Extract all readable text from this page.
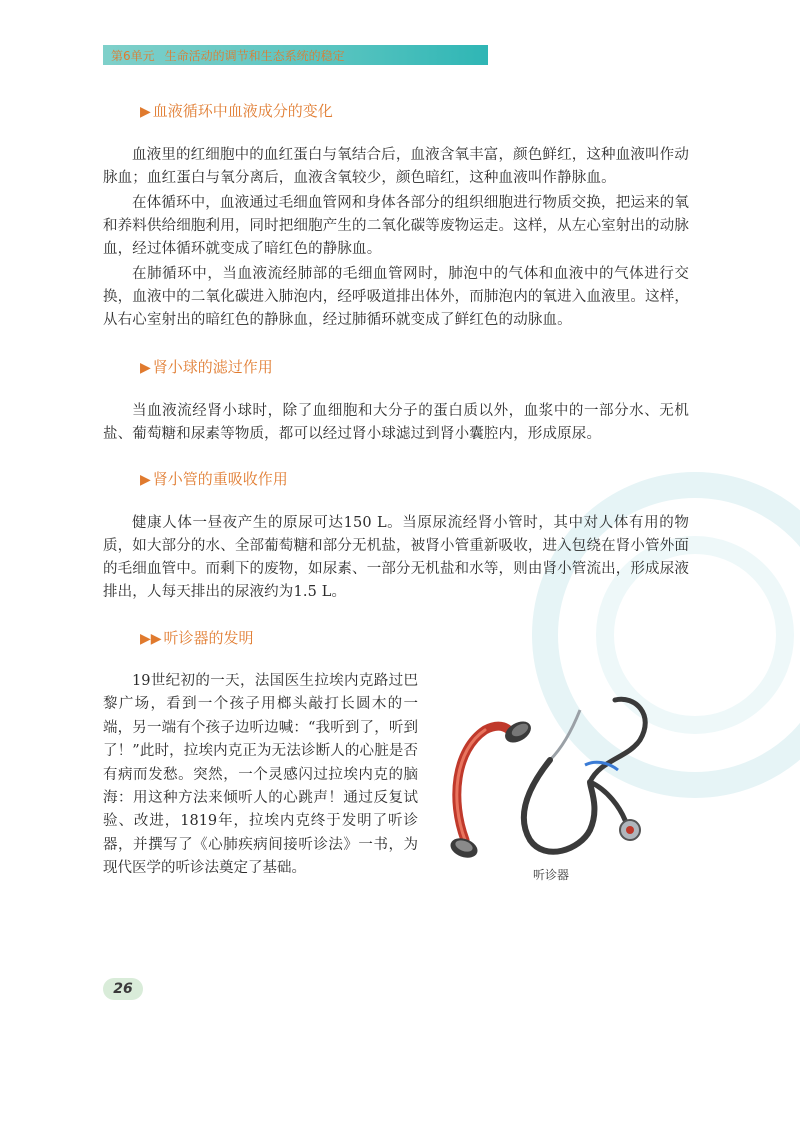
第6单元 生命活动的调节和生态系统的稳定
▶ 血液循环中血液成分的变化

血液里的红细胞中的血红蛋白与氧结合后，血液含氧丰富，颜色鲜红，这种血液叫作动脉血；血红蛋白与氧分离后，血液含氧较少，颜色暗红，这种血液叫作静脉血。

在体循环中，血液通过毛细血管网和身体各部分的组织细胞进行物质交换，把运来的氧和养料供给细胞利用，同时把细胞产生的二氧化碳等废物运走。这样，从左心室射出的动脉血，经过体循环就变成了暗红色的静脉血。

在肺循环中，当血液流经肺部的毛细血管网时，肺泡中的气体和血液中的气体进行交换，血液中的二氧化碳进入肺泡内，经呼吸道排出体外，而肺泡内的氧进入血液里。这样，从右心室射出的暗红色的静脉血，经过肺循环就变成了鲜红色的动脉血。

▶ 肾小球的滤过作用

当血液流经肾小球时，除了血细胞和大分子的蛋白质以外，血浆中的一部分水、无机盐、葡萄糖和尿素等物质，都可以经过肾小球滤过到肾小囊腔内，形成原尿。

▶ 肾小管的重吸收作用

健康人体一昼夜产生的原尿可达150 L。当原尿流经肾小管时，其中对人体有用的物质，如大部分的水、全部葡萄糖和部分无机盐，被肾小管重新吸收，进入包绕在肾小管外面的毛细血管中。而剩下的废物，如尿素、一部分无机盐和水等，则由肾小管流出，形成尿液排出，人每天排出的尿液约为1.5 L。

▶▶ 听诊器的发明

19世纪初的一天，法国医生拉埃内克路过巴黎广场，看到一个孩子用榔头敲打长圆木的一端，另一端有个孩子边听边喊：“我听到了，听到了！”此时，拉埃内克正为无法诊断人的心脏是否有病而发愁。突然，一个灵感闪过拉埃内克的脑海：用这种方法来倾听人的心跳声！通过反复试验、改进，1819年，拉埃内克终于发明了听诊器，并撰写了《心肺疾病间接听诊法》一书，为现代医学的听诊法奠定了基础。	听诊器
26
